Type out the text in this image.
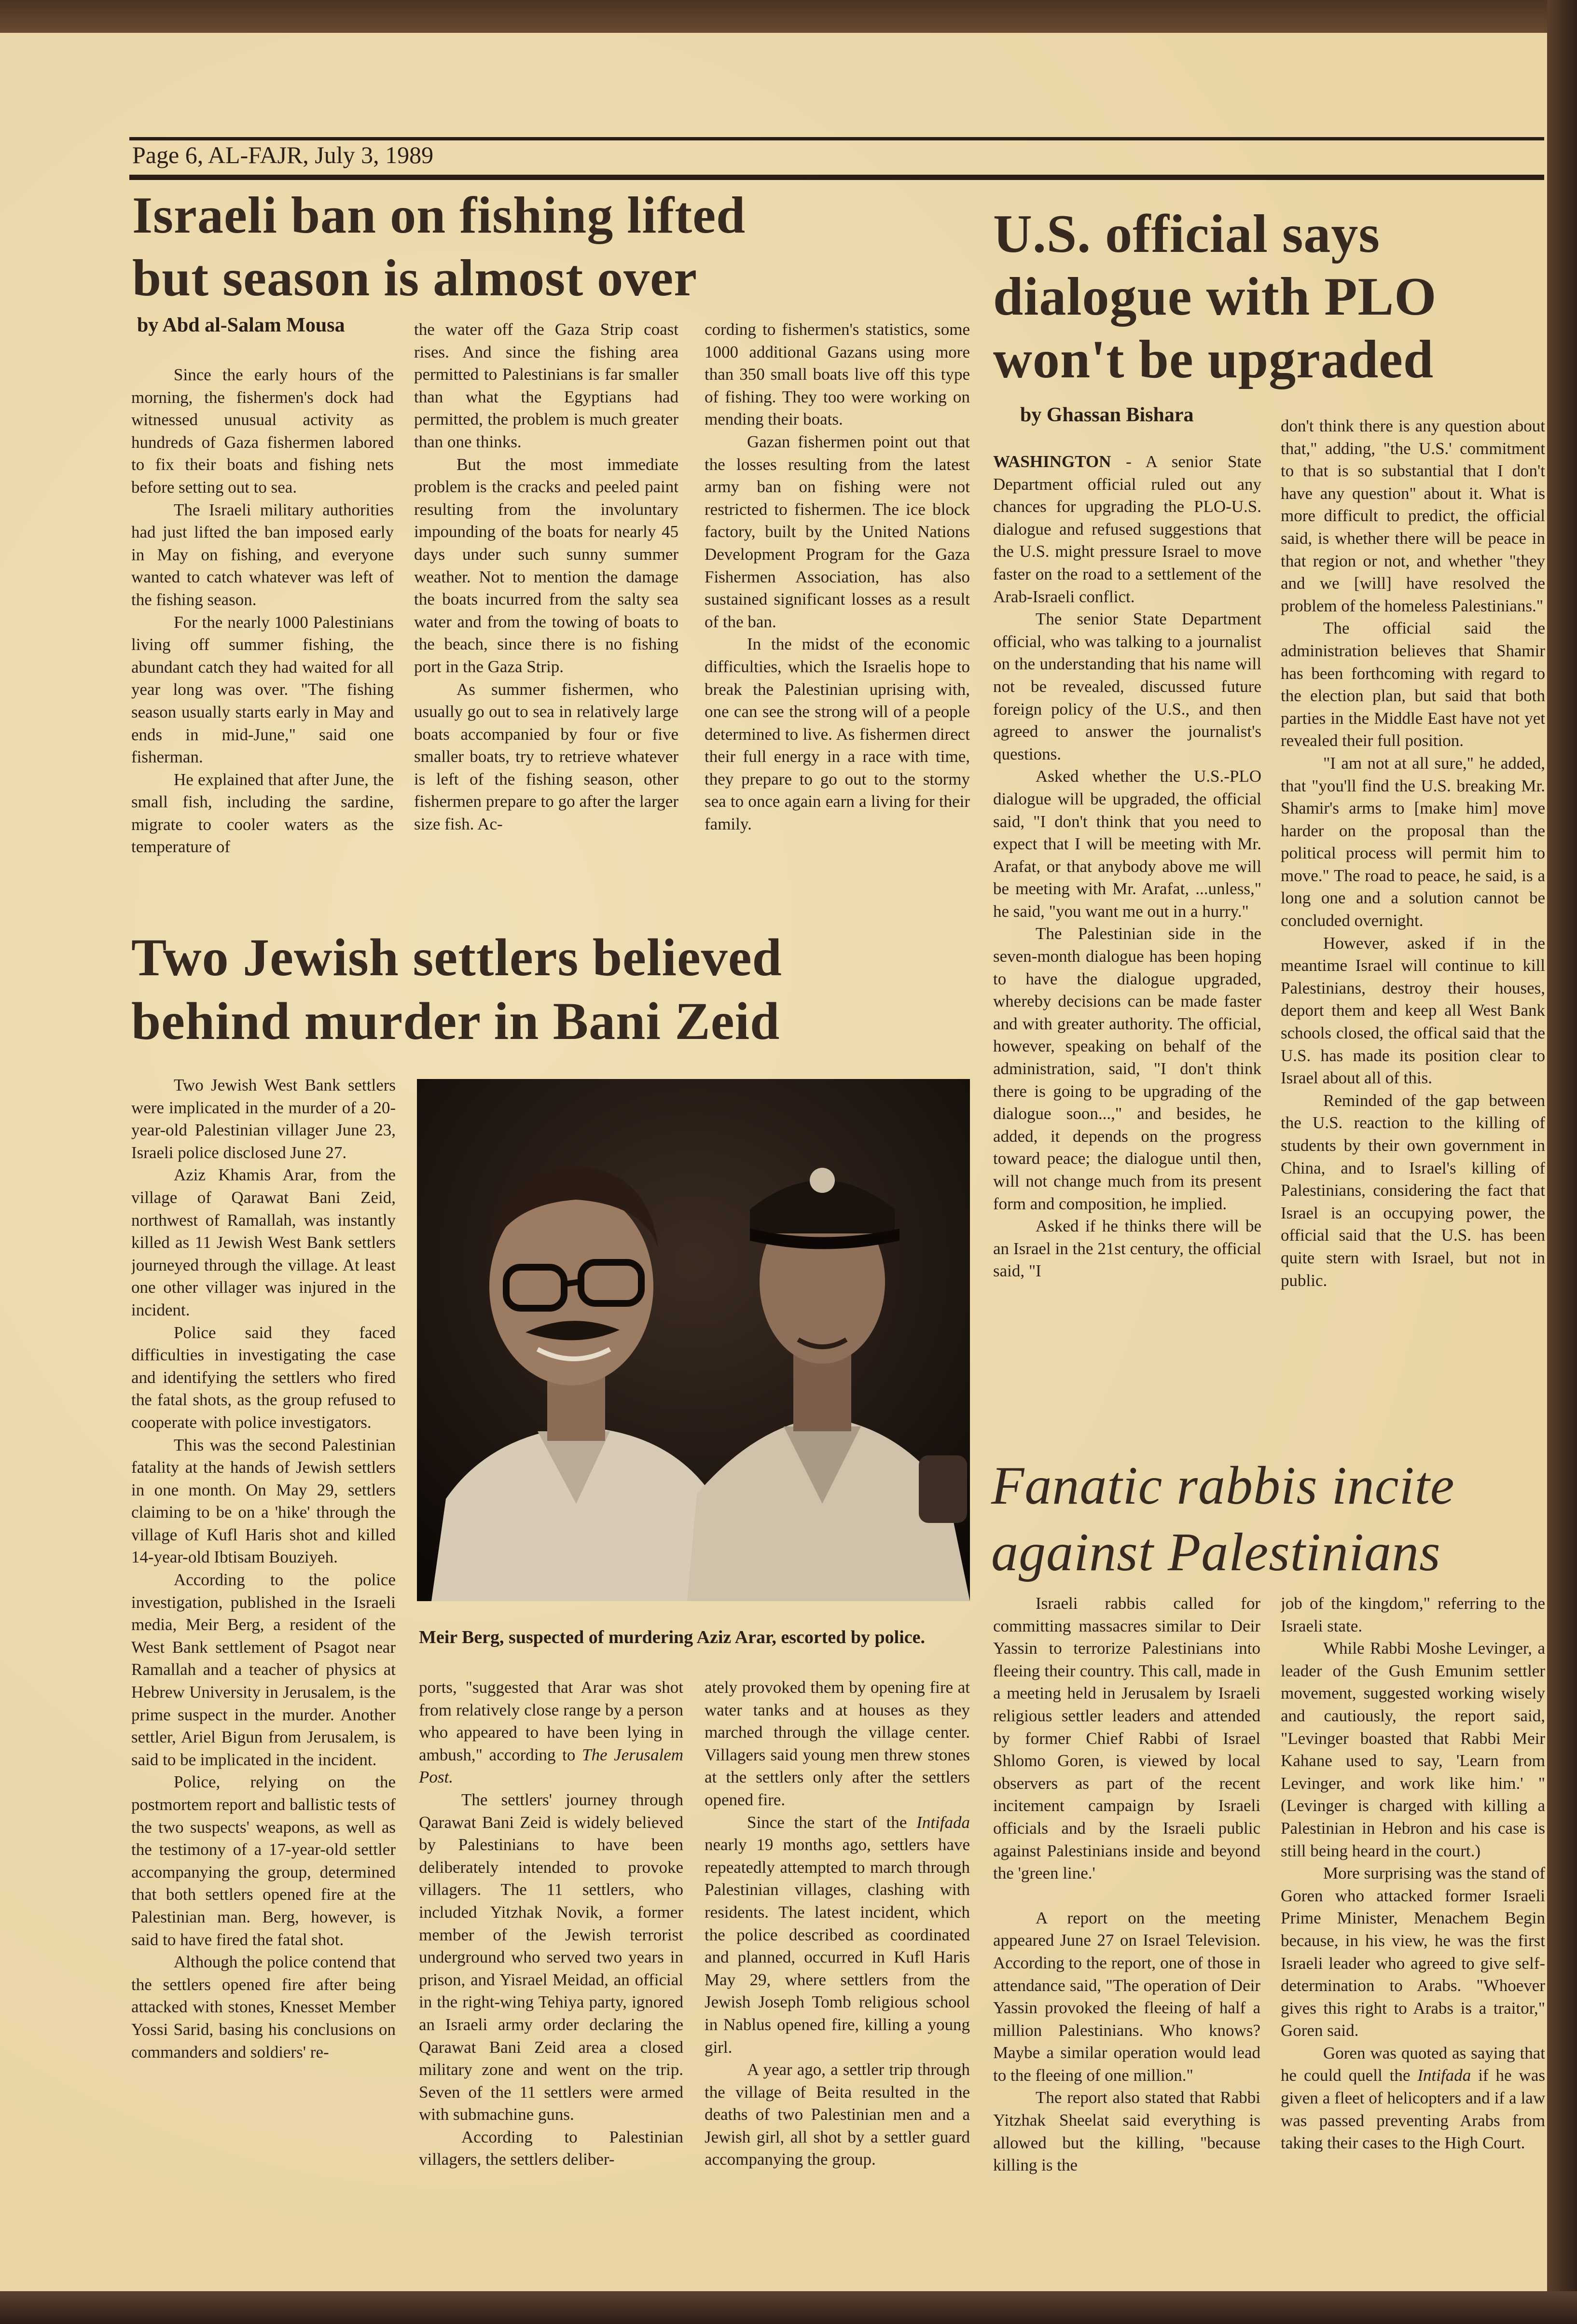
Page 6, AL-FAJR, July 3, 1989
Israeli ban on fishing lifted
but season is almost over
by Abd al-Salam Mousa

Since the early hours of the morning, the fishermen's dock had witnessed unusual activity as hundreds of Gaza fishermen labored to fix their boats and fishing nets before setting out to sea.

The Israeli military authorities had just lifted the ban imposed early in May on fishing, and everyone wanted to catch whatever was left of the fishing season.

For the nearly 1000 Palestinians living off summer fishing, the abundant catch they had waited for all year long was over. "The fishing season usually starts early in May and ends in mid-June," said one fisherman.

He explained that after June, the small fish, including the sardine, migrate to cooler waters as the temperature of

the water off the Gaza Strip coast rises. And since the fishing area permitted to Palestinians is far smaller than what the Egyptians had permitted, the problem is much greater than one thinks.

But the most immediate problem is the cracks and peeled paint resulting from the involuntary impounding of the boats for nearly 45 days under such sunny summer weather. Not to mention the damage the boats incurred from the salty sea water and from the towing of boats to the beach, since there is no fishing port in the Gaza Strip.

As summer fishermen, who usually go out to sea in relatively large boats accompanied by four or five smaller boats, try to retrieve whatever is left of the fishing season, other fishermen prepare to go after the larger size fish. Ac-

cording to fishermen's statistics, some 1000 additional Gazans using more than 350 small boats live off this type of fishing. They too were working on mending their boats.

Gazan fishermen point out that the losses resulting from the latest army ban on fishing were not restricted to fishermen. The ice block factory, built by the United Nations Development Program for the Gaza Fishermen Association, has also sustained significant losses as a result of the ban.

In the midst of the economic difficulties, which the Israelis hope to break the Palestinian uprising with, one can see the strong will of a people determined to live. As fishermen direct their full energy in a race with time, they prepare to go out to the stormy sea to once again earn a living for their family.

Two Jewish settlers believed
behind murder in Bani Zeid

Two Jewish West Bank settlers were implicated in the murder of a 20-year-old Palestinian villager June 23, Israeli police disclosed June 27.

Aziz Khamis Arar, from the village of Qarawat Bani Zeid, northwest of Ramallah, was instantly killed as 11 Jewish West Bank settlers journeyed through the village. At least one other villager was injured in the incident.

Police said they faced difficulties in investigating the case and identifying the settlers who fired the fatal shots, as the group refused to cooperate with police investigators.

This was the second Palestinian fatality at the hands of Jewish settlers in one month. On May 29, settlers claiming to be on a 'hike' through the village of Kufl Haris shot and killed 14-year-old Ibtisam Bouziyeh.

According to the police investigation, published in the Israeli media, Meir Berg, a resident of the West Bank settlement of Psagot near Ramallah and a teacher of physics at Hebrew University in Jerusalem, is the prime suspect in the murder. Another settler, Ariel Bigun from Jerusalem, is said to be implicated in the incident.

Police, relying on the postmortem report and ballistic tests of the two suspects' weapons, as well as the testimony of a 17-year-old settler accompanying the group, determined that both settlers opened fire at the Palestinian man. Berg, however, is said to have fired the fatal shot.

Although the police contend that the settlers opened fire after being attacked with stones, Knesset Member Yossi Sarid, basing his conclusions on commanders and soldiers' re-

Meir Berg, suspected of murdering Aziz Arar, escorted by police.

ports, "suggested that Arar was shot from relatively close range by a person who appeared to have been lying in ambush," according to The Jerusalem Post.

The settlers' journey through Qarawat Bani Zeid is widely believed by Palestinians to have been deliberately intended to provoke villagers. The 11 settlers, who included Yitzhak Novik, a former member of the Jewish terrorist underground who served two years in prison, and Yisrael Meidad, an official in the right-wing Tehiya party, ignored an Israeli army order declaring the Qarawat Bani Zeid area a closed military zone and went on the trip. Seven of the 11 settlers were armed with submachine guns.

According to Palestinian villagers, the settlers deliber-

ately provoked them by opening fire at water tanks and at houses as they marched through the village center. Villagers said young men threw stones at the settlers only after the settlers opened fire.

Since the start of the Intifada nearly 19 months ago, settlers have repeatedly attempted to march through Palestinian villages, clashing with residents. The latest incident, which the police described as coordinated and planned, occurred in Kufl Haris May 29, where settlers from the Jewish Joseph Tomb religious school in Nablus opened fire, killing a young girl.

A year ago, a settler trip through the village of Beita resulted in the deaths of two Palestinian men and a Jewish girl, all shot by a settler guard accompanying the group.

U.S. official says
dialogue with PLO
won't be upgraded
by Ghassan Bishara

WASHINGTON - A senior State Department official ruled out any chances for upgrading the PLO-U.S. dialogue and refused suggestions that the U.S. might pressure Israel to move faster on the road to a settlement of the Arab-Israeli conflict.

The senior State Department official, who was talking to a journalist on the understanding that his name will not be revealed, discussed future foreign policy of the U.S., and then agreed to answer the journalist's questions.

Asked whether the U.S.-PLO dialogue will be upgraded, the official said, "I don't think that you need to expect that I will be meeting with Mr. Arafat, or that anybody above me will be meeting with Mr. Arafat, ...unless," he said, "you want me out in a hurry."

The Palestinian side in the seven-month dialogue has been hoping to have the dialogue upgraded, whereby decisions can be made faster and with greater authority. The official, however, speaking on behalf of the administration, said, "I don't think there is going to be upgrading of the dialogue soon...," and besides, he added, it depends on the progress toward peace; the dialogue until then, will not change much from its present form and composition, he implied.

Asked if he thinks there will be an Israel in the 21st century, the official said, "I

don't think there is any question about that," adding, "the U.S.' commitment to that is so substantial that I don't have any question" about it. What is more difficult to predict, the official said, is whether there will be peace in that region or not, and whether "they and we [will] have resolved the problem of the homeless Palestinians."

The official said the administration believes that Shamir has been forthcoming with regard to the election plan, but said that both parties in the Middle East have not yet revealed their full position.

"I am not at all sure," he added, that "you'll find the U.S. breaking Mr. Shamir's arms to [make him] move harder on the proposal than the political process will permit him to move." The road to peace, he said, is a long one and a solution cannot be concluded overnight.

However, asked if in the meantime Israel will continue to kill Palestinians, destroy their houses, deport them and keep all West Bank schools closed, the offical said that the U.S. has made its position clear to Israel about all of this.

Reminded of the gap between the U.S. reaction to the killing of students by their own government in China, and to Israel's killing of Palestinians, considering the fact that Israel is an occupying power, the official said that the U.S. has been quite stern with Israel, but not in public.

Fanatic rabbis incite
against Palestinians

Israeli rabbis called for committing massacres similar to Deir Yassin to terrorize Palestinians into fleeing their country. This call, made in a meeting held in Jerusalem by Israeli religious settler leaders and attended by former Chief Rabbi of Israel Shlomo Goren, is viewed by local observers as part of the recent incitement campaign by Israeli officials and by the Israeli public against Palestinians inside and beyond the 'green line.'

A report on the meeting appeared June 27 on Israel Television. According to the report, one of those in attendance said, "The operation of Deir Yassin provoked the fleeing of half a million Palestinians. Who knows? Maybe a similar operation would lead to the fleeing of one million."

The report also stated that Rabbi Yitzhak Sheelat said everything is allowed but the killing, "because killing is the

job of the kingdom," referring to the Israeli state.

While Rabbi Moshe Levinger, a leader of the Gush Emunim settler movement, suggested working wisely and cautiously, the report said, "Levinger boasted that Rabbi Meir Kahane used to say, 'Learn from Levinger, and work like him.' " (Levinger is charged with killing a Palestinian in Hebron and his case is still being heard in the court.)

More surprising was the stand of Goren who attacked former Israeli Prime Minister, Menachem Begin because, in his view, he was the first Israeli leader who agreed to give self-determination to Arabs. "Whoever gives this right to Arabs is a traitor," Goren said.

Goren was quoted as saying that he could quell the Intifada if he was given a fleet of helicopters and if a law was passed preventing Arabs from taking their cases to the High Court.
